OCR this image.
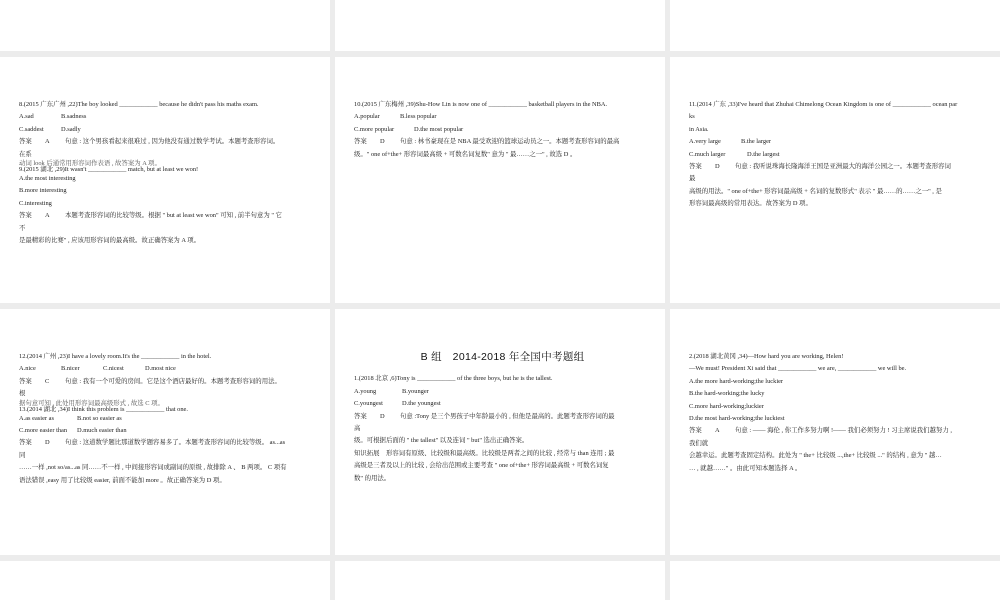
8.(2015 广东广州 ,22)The boy looked ____________ because he didn't pass his maths exam.

A.sad	B.sadness
C.saddest	D.sadly
答案	A	句意 : 这个男孩看起来很难过 , 因为他没有通过数学考试。本题考查形容词。

在系

动词 look 后通常用形容词作表语 , 故答案为 A 项。
9.(2015 湖北 ,29)It wasn't ____________ match, but at least we won!

A.the most interesting

B.more interesting

C.interesting

答案	A	本题考查形容词的比较等级。根据 " but at least we won" 可知 , 前半句意为 " 它

不

是最精彩的比赛" , 应该用形容词的最高级。故正确答案为 A 项。

10.(2015 广东梅州 ,39)Shu-How Lin is now one of ____________ basketball players in the NBA.

A.popular	B.less popular
C.more popular	D.the most popular
答案	D	句意 : 林书豪现在是 NBA 最受欢迎的篮球运动员之一。本题考查形容词的最高

级。" one of+the+ 形容词最高级 + 可数名词复数" 意为 " 最……之一" , 故选 D 。

11.(2014 广东 ,33)I've heard that Zhuhai Chimelong Ocean Kingdom is one of ____________ ocean par

ks

in Asia.

A.very large	B.the larger
C.much larger	D.the largest
答案	D	句意 : 我听说珠海长隆海洋王国是亚洲最大的海洋公园之一。本题考查形容词

最

高级的用法。" one of+the+ 形容词最高级 + 名词的复数形式" 表示 " 最……的……之一" , 是

形容词最高级的常用表达。故答案为 D 项。

12.(2014 广州 ,23)I have a lovely room.It's the ____________ in the hotel.

A.nice	B.nicer	C.nicest	D.most nice
答案	C	句意 : 我有一个可爱的房间。它是这个酒店最好的。本题考查形容词的用法。

根

据句意可知 , 此处用形容词最高级形式 , 故选 C 项。
13.(2014 湖北 ,34)I think this problem is ____________ that one.
A.as easier as	B.not so easier as
C.more easier than D.much easier than
答案	D	句意 : 这道数学题比那道数学题容易多了。本题考查形容词的比较等级。 as...as

同

……一样 ,not so/as...as 同……不一样 , 中间接形容词或副词的原级 , 故排除 A 、 B 两项。 C 项有

语法错误 ,easy 用了比较级 easier, 前面不能加 more 。故正确答案为 D 项。

B 组　2014-2018 年全国中考题组

1.(2018 北京 ,6)Tony is ____________ of the three boys, but he is the tallest.

A.young	B.younger
C.youngest	D.the youngest
答案	D	句意 :Tony 是三个男孩子中年龄最小的 , 但他是最高的。此题考查形容词的最

高

级。可根据后面的 " the tallest" 以及连词 " but" 选出正确答案。

知识拓展　形容词有原级、比较级和最高级。比较级是两者之间的比较 , 经常与 than 连用 ; 最

高级是三者及以上的比较 , 会给出范围或主要考查 " one of+the+ 形容词最高级 + 可数名词复

数" 的用法。

2.(2018 湖北黄冈 ,34)—How hard you are working, Helen!

—We must! President Xi said that ____________ we are, ____________ we will be.

A.the more hard-working;the luckier

B.the hard-working;the lucky

C.more hard-working;luckier

D.the most hard-working;the luckiest

答案	A	句意 : —— 海伦 , 你工作多努力啊 !—— 我们必须努力 ! 习主席说我们越努力 ,

我们就

会越幸运。此题考查固定结构。此处为 " the+ 比较级 ...,the+ 比较级 ..." 的结构 , 意为 " 越…

… , 就越……" 。由此可知本题选择 A 。
